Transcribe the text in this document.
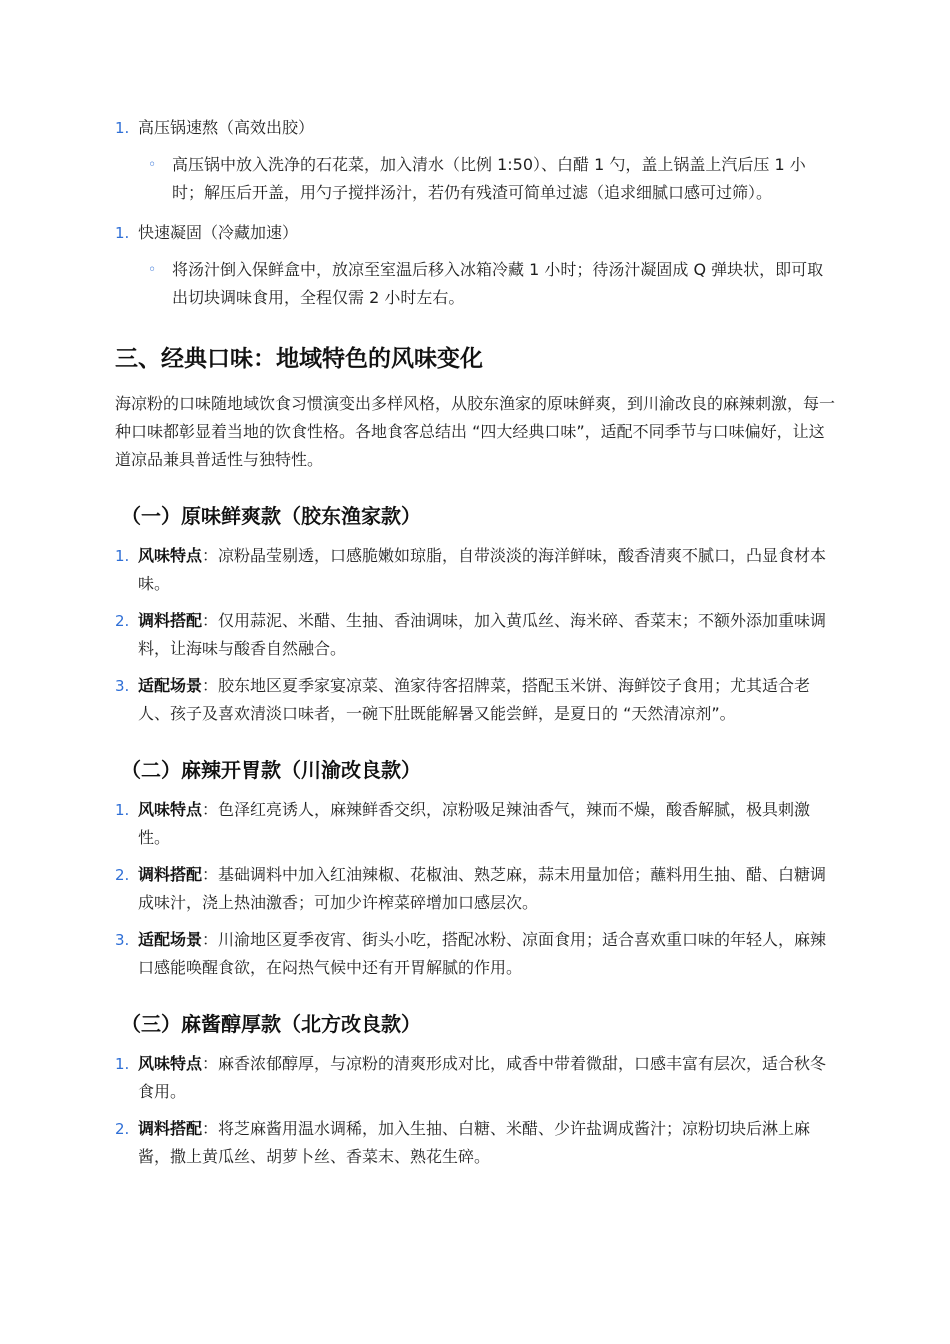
1. 高压锅速熬（高效出胶）
◦ 高压锅中放入洗净的石花菜，加入清水（比例 1:50）、白醋 1 勺，盖上锅盖上汽后压 1 小时；解压后开盖，用勺子搅拌汤汁，若仍有残渣可简单过滤（追求细腻口感可过筛）。
1. 快速凝固（冷藏加速）
◦ 将汤汁倒入保鲜盒中，放凉至室温后移入冰箱冷藏 1 小时；待汤汁凝固成 Q 弹块状，即可取出切块调味食用，全程仅需 2 小时左右。
三、经典口味：地域特色的风味变化

海凉粉的口味随地域饮食习惯演变出多样风格，从胶东渔家的原味鲜爽，到川渝改良的麻辣刺激，每一种口味都彰显着当地的饮食性格。各地食客总结出 “四大经典口味”，适配不同季节与口味偏好，让这道凉品兼具普适性与独特性。

（一）原味鲜爽款（胶东渔家款）
1. 风味特点：凉粉晶莹剔透，口感脆嫩如琼脂，自带淡淡的海洋鲜味，酸香清爽不腻口，凸显食材本味。
2. 调料搭配：仅用蒜泥、米醋、生抽、香油调味，加入黄瓜丝、海米碎、香菜末；不额外添加重味调料，让海味与酸香自然融合。
3. 适配场景：胶东地区夏季家宴凉菜、渔家待客招牌菜，搭配玉米饼、海鲜饺子食用；尤其适合老人、孩子及喜欢清淡口味者，一碗下肚既能解暑又能尝鲜，是夏日的 “天然清凉剂”。
（二）麻辣开胃款（川渝改良款）
1. 风味特点：色泽红亮诱人，麻辣鲜香交织，凉粉吸足辣油香气，辣而不燥，酸香解腻，极具刺激性。
2. 调料搭配：基础调料中加入红油辣椒、花椒油、熟芝麻，蒜末用量加倍；蘸料用生抽、醋、白糖调成味汁，浇上热油激香；可加少许榨菜碎增加口感层次。
3. 适配场景：川渝地区夏季夜宵、街头小吃，搭配冰粉、凉面食用；适合喜欢重口味的年轻人，麻辣口感能唤醒食欲，在闷热气候中还有开胃解腻的作用。
（三）麻酱醇厚款（北方改良款）
1. 风味特点：麻香浓郁醇厚，与凉粉的清爽形成对比，咸香中带着微甜，口感丰富有层次，适合秋冬食用。
2. 调料搭配：将芝麻酱用温水调稀，加入生抽、白糖、米醋、少许盐调成酱汁；凉粉切块后淋上麻酱，撒上黄瓜丝、胡萝卜丝、香菜末、熟花生碎。
